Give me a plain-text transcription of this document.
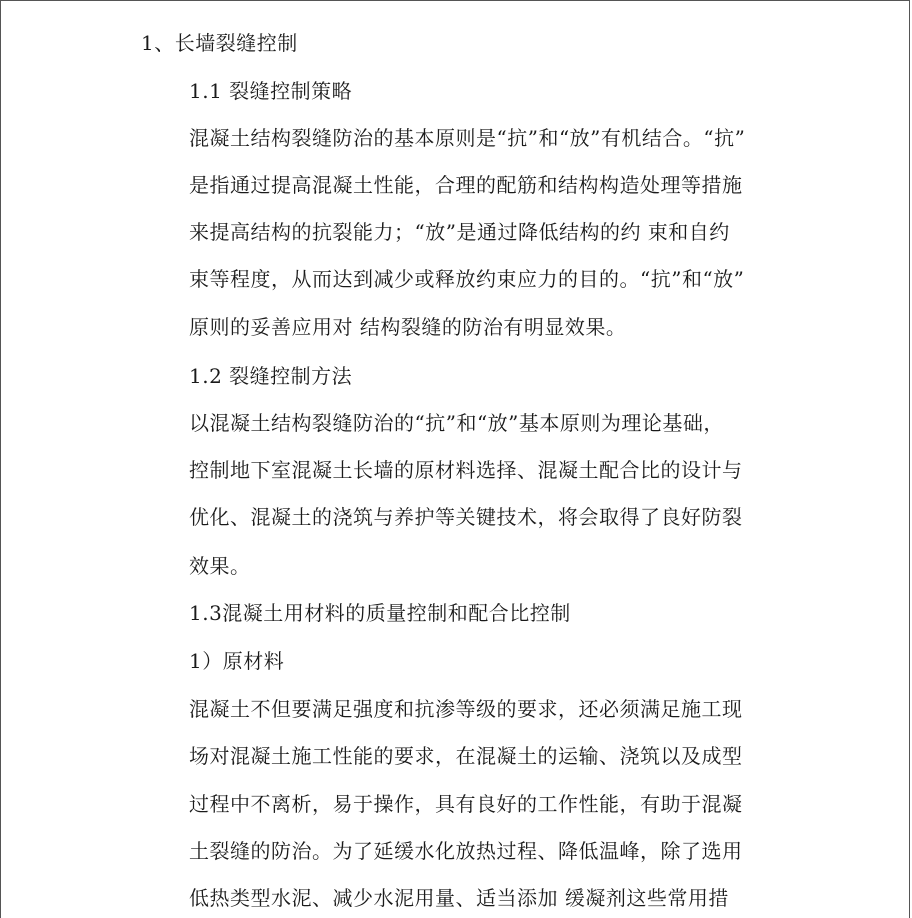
1、长墙裂缝控制
1.1 裂缝控制策略
混凝土结构裂缝防治的基本原则是“抗”和“放”有机结合。“抗”
是指通过提高混凝土性能，合理的配筋和结构构造处理等措施
来提高结构的抗裂能力；“放”是通过降低结构的约 束和自约
束等程度，从而达到减少或释放约束应力的目的。“抗”和“放”
原则的妥善应用对 结构裂缝的防治有明显效果。
1.2 裂缝控制方法
以混凝土结构裂缝防治的“抗”和“放”基本原则为理论基础，
控制地下室混凝土长墙的原材料选择、混凝土配合比的设计与
优化、混凝土的浇筑与养护等关键技术，将会取得了良好防裂
效果。
1.3混凝土用材料的质量控制和配合比控制
1）原材料
混凝土不但要满足强度和抗渗等级的要求，还必须满足施工现
场对混凝土施工性能的要求，在混凝土的运输、浇筑以及成型
过程中不离析，易于操作，具有良好的工作性能，有助于混凝
土裂缝的防治。为了延缓水化放热过程、降低温峰，除了选用
低热类型水泥、减少水泥用量、适当添加 缓凝剂这些常用措
